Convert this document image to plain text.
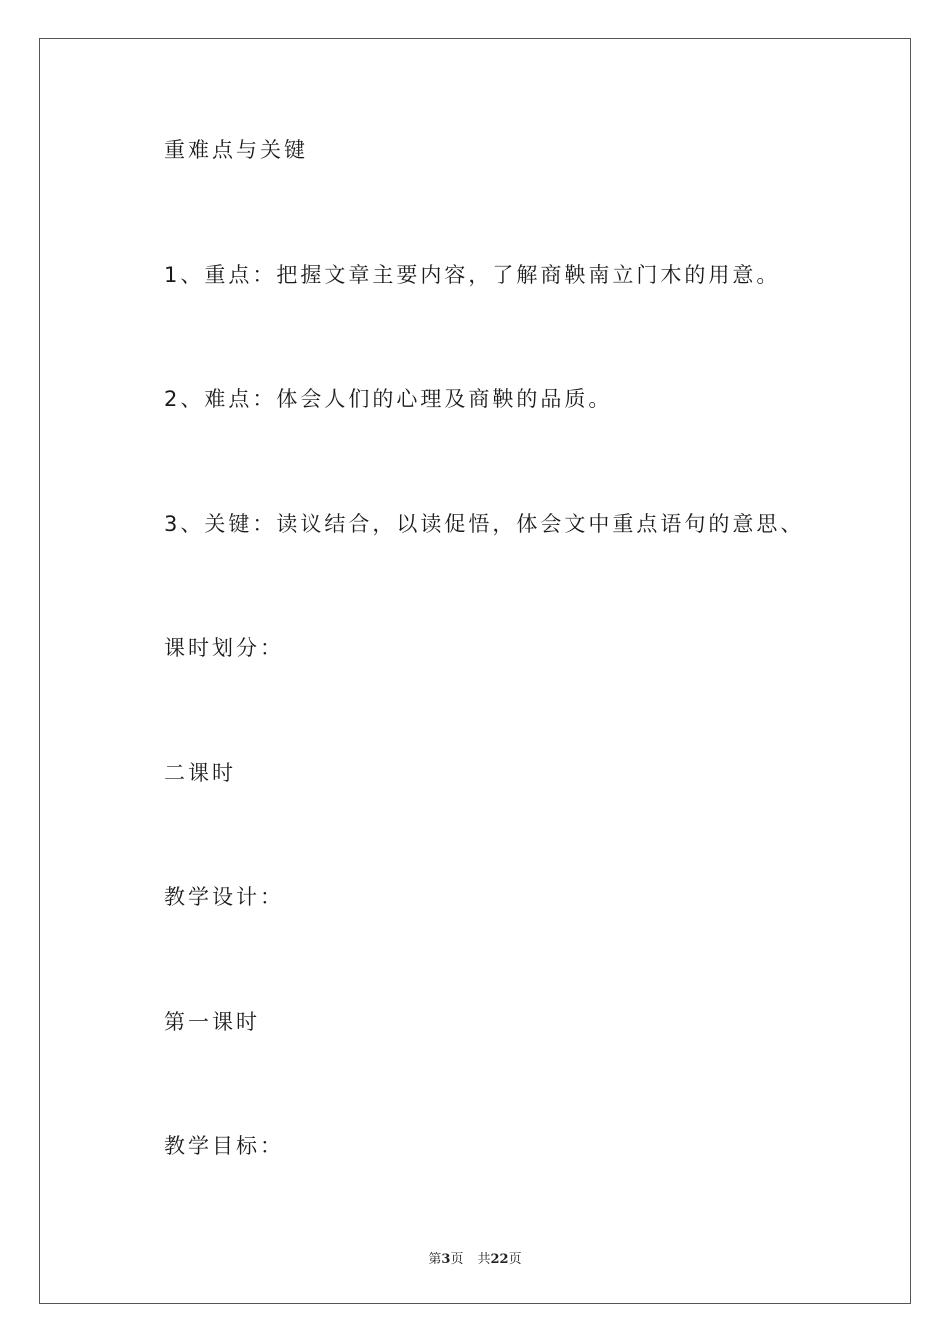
重难点与关键
1、重点：把握文章主要内容，了解商鞅南立门木的用意。
2、难点：体会人们的心理及商鞅的品质。
3、关键：读议结合，以读促悟，体会文中重点语句的意思、
课时划分：
二课时
教学设计：
第一课时
教学目标：
第3页 共22页
